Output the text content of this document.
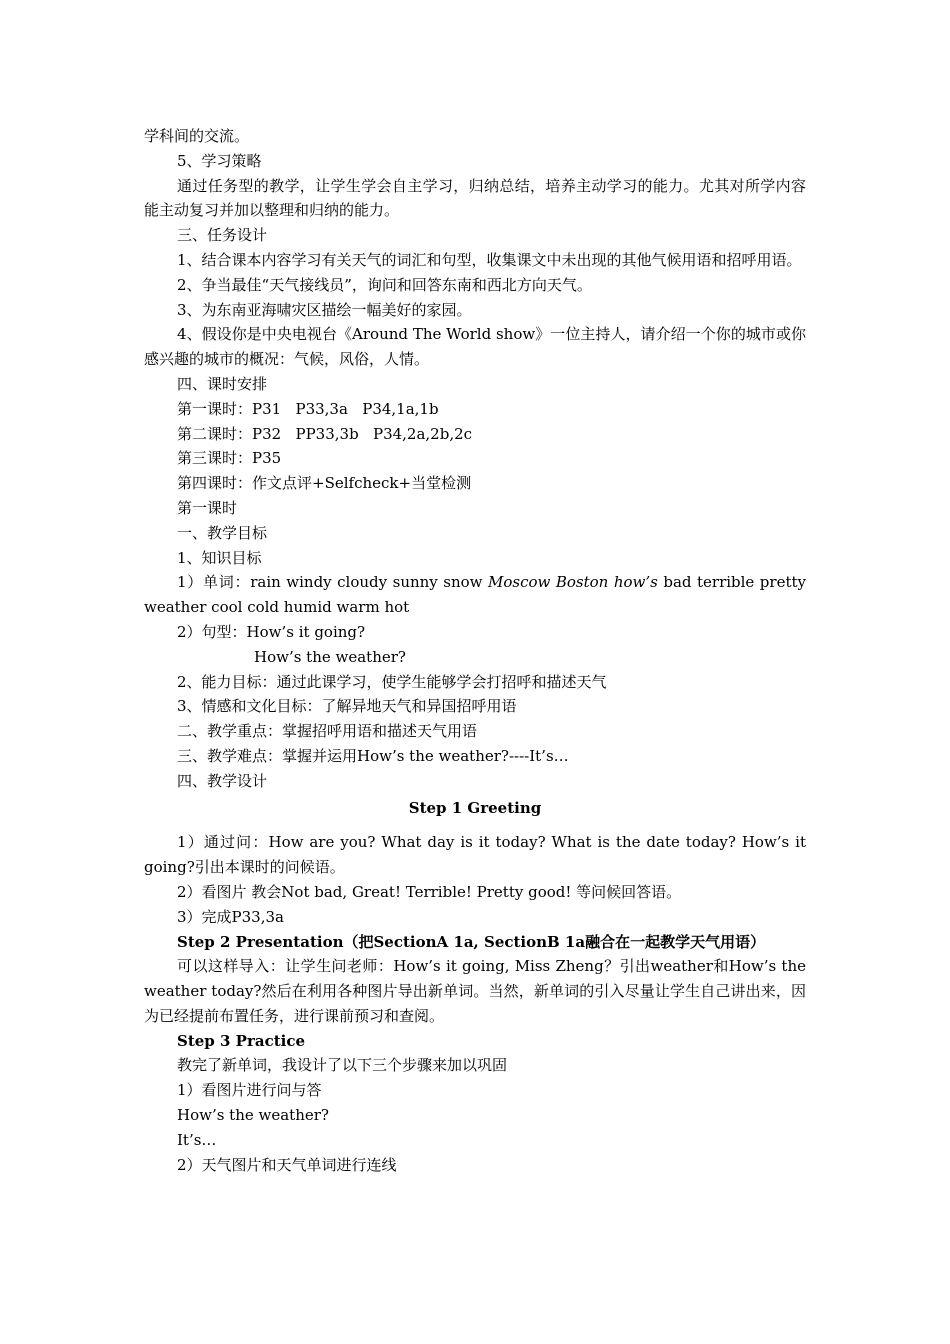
学科间的交流。
5、学习策略
通过任务型的教学，让学生学会自主学习，归纳总结，培养主动学习的能力。尤其对所学内容能主动复习并加以整理和归纳的能力。
三、任务设计
1、结合课本内容学习有关天气的词汇和句型，收集课文中未出现的其他气候用语和招呼用语。
2、争当最佳“天气接线员”，询问和回答东南和西北方向天气。
3、为东南亚海啸灾区描绘一幅美好的家园。
4、假设你是中央电视台《Around The World show》一位主持人，请介绍一个你的城市或你感兴趣的城市的概况：气候，风俗，人情。
四、课时安排
第一课时：P31   P33,3a   P34,1a,1b
第二课时：P32   PP33,3b   P34,2a,2b,2c
第三课时：P35
第四课时：作文点评+Selfcheck+当堂检测
第一课时
一、教学目标
1、知识目标
1）单词：rain windy cloudy sunny snow Moscow Boston how’s bad terrible pretty weather cool cold humid warm hot
2）句型：How’s it going?
How’s the weather?
2、能力目标：通过此课学习，使学生能够学会打招呼和描述天气
3、情感和文化目标：了解异地天气和异国招呼用语
二、教学重点：掌握招呼用语和描述天气用语
三、教学难点：掌握并运用How’s the weather?----It’s…
四、教学设计
Step 1 Greeting
1）通过问：How are you? What day is it today? What is the date today? How’s it going?引出本课时的问候语。
2）看图片 教会Not bad, Great! Terrible! Pretty good! 等问候回答语。
3）完成P33,3a
Step 2 Presentation（把SectionA 1a, SectionB 1a融合在一起教学天气用语）
可以这样导入：让学生问老师：How’s it going, Miss Zheng？引出weather和How’s the weather today?然后在利用各种图片导出新单词。当然，新单词的引入尽量让学生自己讲出来，因为已经提前布置任务，进行课前预习和查阅。
Step 3 Practice
教完了新单词，我设计了以下三个步骤来加以巩固
1）看图片进行问与答
How’s the weather?
It’s…
2）天气图片和天气单词进行连线
